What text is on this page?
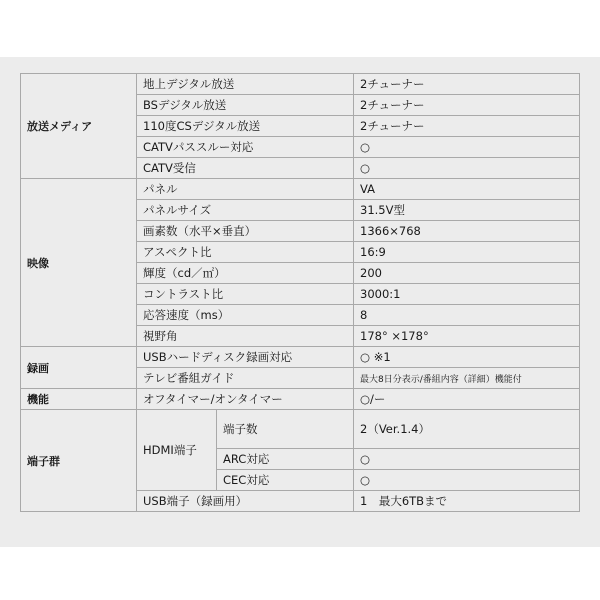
放送メディア	地上デジタル放送		2チューナー
	BSデジタル放送		2チューナー
	110度CSデジタル放送		2チューナー
	CATVパススルー対応		○
	CATV受信		○
映像	パネル		VA
	パネルサイズ		31.5V型
	画素数（水平×垂直）		1366×768
	アスペクト比		16:9
	輝度（cd／㎡）		200
	コントラスト比		3000:1
	応答速度（ms）		8
	視野角		178° ×178°
録画	USBハードディスク録画対応		○ ※1
	テレビ番組ガイド		最大8日分表示/番組内容（詳細）機能付
機能	オフタイマー/オンタイマー		○/ー
端子群	HDMI端子	端子数	2（Ver.1.4）
		ARC対応	○
		CEC対応	○
	USB端子（録画用）		1　最大6TBまで
